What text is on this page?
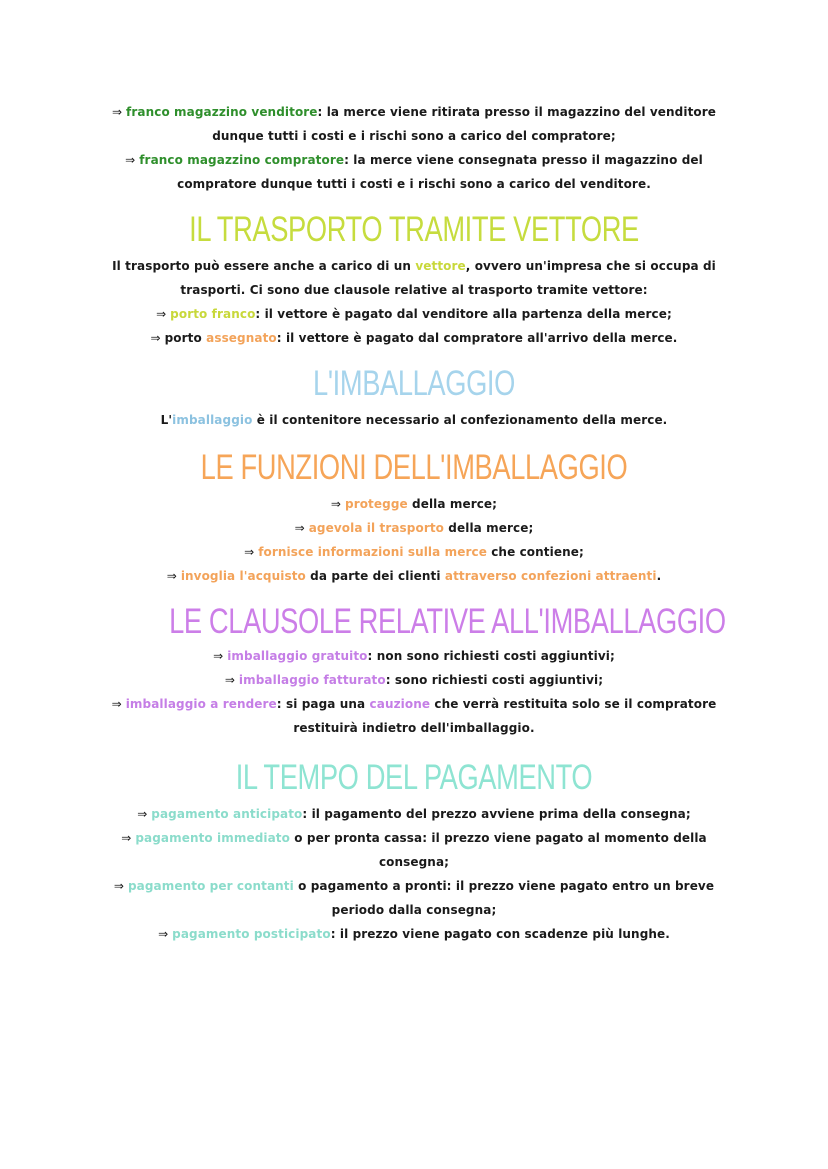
⇒ franco magazzino venditore: la merce viene ritirata presso il magazzino del venditore
dunque tutti i costi e i rischi sono a carico del compratore;
⇒ franco magazzino compratore: la merce viene consegnata presso il magazzino del
compratore dunque tutti i costi e i rischi sono a carico del venditore.
IL TRASPORTO TRAMITE VETTORE
Il trasporto può essere anche a carico di un vettore, ovvero un'impresa che si occupa di
trasporti. Ci sono due clausole relative al trasporto tramite vettore:
⇒ porto franco: il vettore è pagato dal venditore alla partenza della merce;
⇒ porto assegnato: il vettore è pagato dal compratore all'arrivo della merce.
L'IMBALLAGGIO
L'imballaggio è il contenitore necessario al confezionamento della merce.
LE FUNZIONI DELL'IMBALLAGGIO
⇒ protegge della merce;
⇒ agevola il trasporto della merce;
⇒ fornisce informazioni sulla merce che contiene;
⇒ invoglia l'acquisto da parte dei clienti attraverso confezioni attraenti.
LE CLAUSOLE RELATIVE ALL'IMBALLAGGIO
⇒ imballaggio gratuito: non sono richiesti costi aggiuntivi;
⇒ imballaggio fatturato: sono richiesti costi aggiuntivi;
⇒ imballaggio a rendere: si paga una cauzione che verrà restituita solo se il compratore
restituirà indietro dell'imballaggio.
IL TEMPO DEL PAGAMENTO
⇒ pagamento anticipato: il pagamento del prezzo avviene prima della consegna;
⇒ pagamento immediato o per pronta cassa: il prezzo viene pagato al momento della
consegna;
⇒ pagamento per contanti o pagamento a pronti: il prezzo viene pagato entro un breve
periodo dalla consegna;
⇒ pagamento posticipato: il prezzo viene pagato con scadenze più lunghe.
